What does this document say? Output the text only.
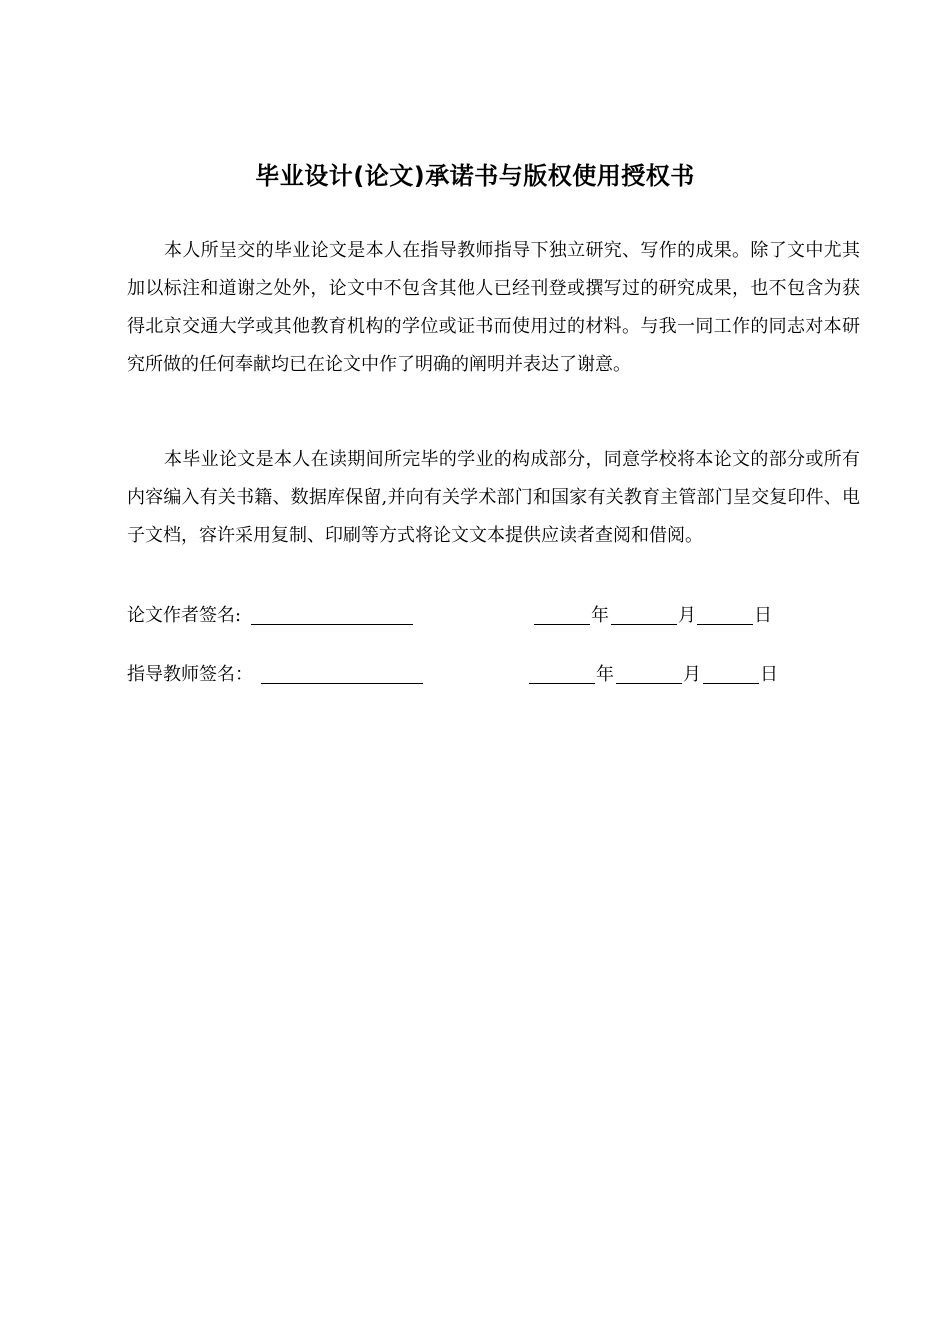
毕业设计(论文)承诺书与版权使用授权书

本人所呈交的毕业论文是本人在指导教师指导下独立研究、写作的成果。除了文中尤其加以标注和道谢之处外，论文中不包含其他人已经刊登或撰写过的研究成果，也不包含为获得北京交通大学或其他教育机构的学位或证书而使用过的材料。与我一同工作的同志对本研究所做的任何奉献均已在论文中作了明确的阐明并表达了谢意。

本毕业论文是本人在读期间所完毕的学业的构成部分，同意学校将本论文的部分或所有内容编入有关书籍、数据库保留,并向有关学术部门和国家有关教育主管部门呈交复印件、电子文档，容许采用复制、印刷等方式将论文文本提供应读者查阅和借阅。

论文作者签名:	年	月	日
指导教师签名：	年	月	日
